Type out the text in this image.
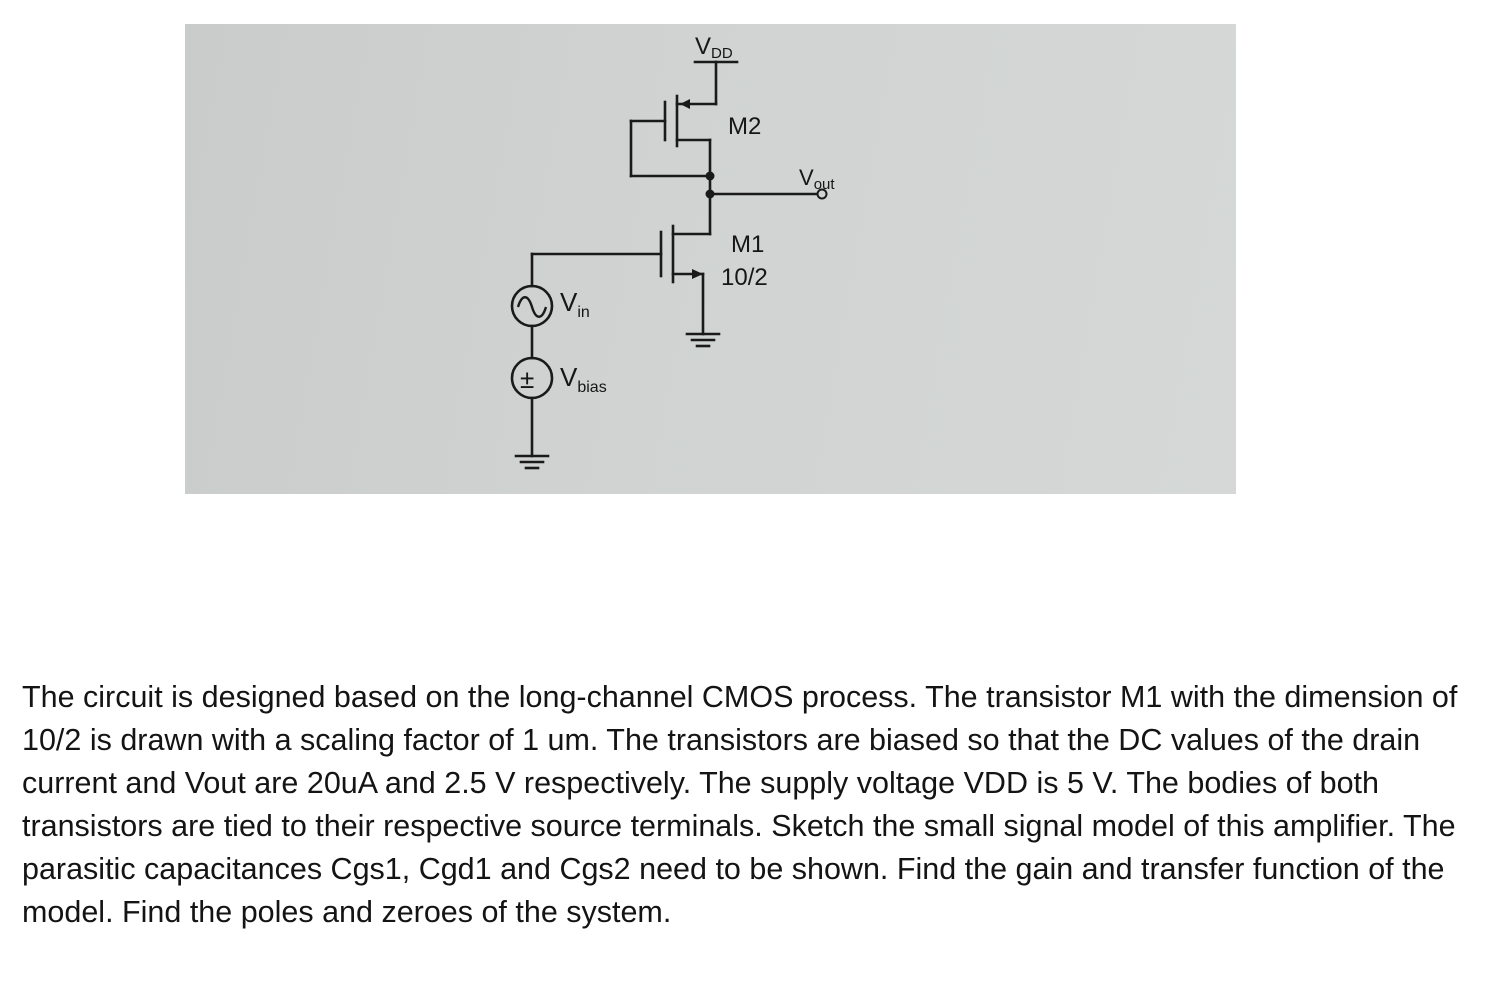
VDD
M2
Vout
M1
10/2
$V_{in}$
± $V_{bias}$

The circuit is designed based on the long-channel CMOS process. The transistor M1 with the dimension of 10/2 is drawn with a scaling factor of 1 um. The transistors are biased so that the DC values of the drain current and Vout are 20uA and 2.5 V respectively. The supply voltage VDD is 5 V. The bodies of both transistors are tied to their respective source terminals. Sketch the small signal model of this amplifier. The parasitic capacitances Cgs1, Cgd1 and Cgs2 need to be shown. Find the gain and transfer function of the model. Find the poles and zeroes of the system.
